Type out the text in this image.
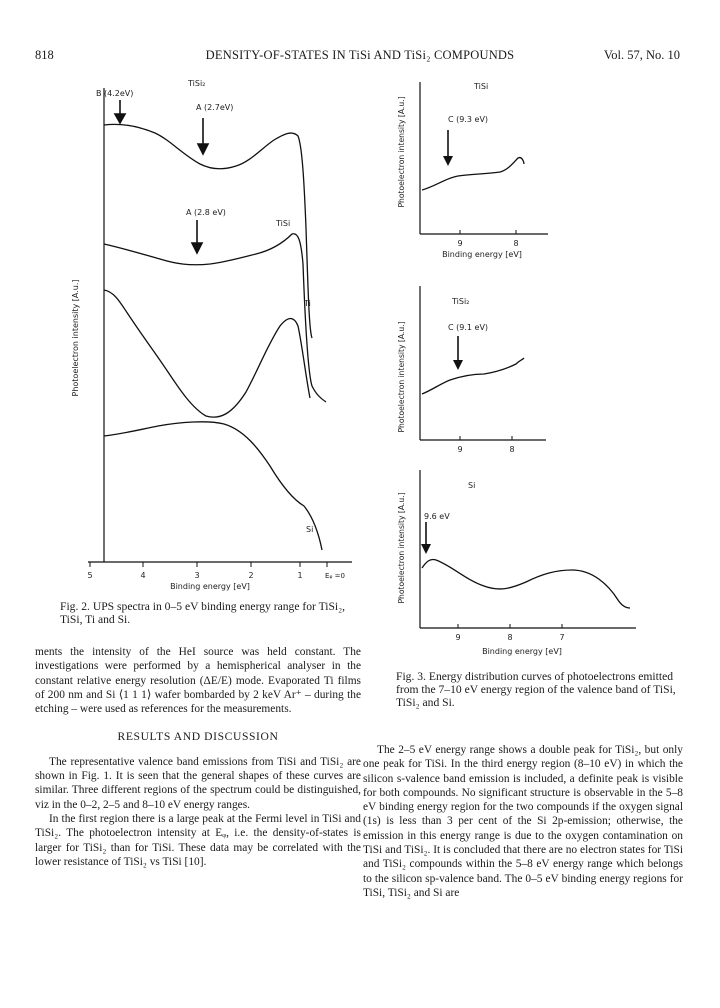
818	DENSITY-OF-STATES IN TiSi AND TiSi₂ COMPOUNDS	Vol. 57, No. 10
5	4	3	2	1	Eᵩ =0
Binding energy [eV]
Photoelectron intensity [A.u.]
B (4.2eV)
TiSi₂
A (2.7eV)
A (2.8 eV)
TiSi
Ti
Si
Fig. 2. UPS spectra in 0–5 eV binding energy range for TiSi₂, TiSi, Ti and Si.
Photoelectron intensity [A.u.]
9	8
Binding energy [eV]
TiSi
C (9.3 eV)
Photoelectron intensity [A.u.]
9	8
TiSi₂
C (9.1 eV)
Photoelectron intensity [A.u.]
9	8	7
Binding energy [eV]
Si
9.6 eV
Fig. 3. Energy distribution curves of photoelectrons emitted from the 7–10 eV energy region of the valence band of TiSi, TiSi₂ and Si.

ments the intensity of the HeI source was held constant. The investigations were performed by a hemispherical analyser in the constant relative energy resolution (ΔE/E) mode. Evaporated Ti films of 200 nm and Si ⟨1 1 1⟩ wafer bombarded by 2 keV Ar⁺ – during the etching – were used as references for the measurements.

RESULTS AND DISCUSSION

The representative valence band emissions from TiSi and TiSi₂ are shown in Fig. 1. It is seen that the general shapes of these curves are similar. Three different regions of the spectrum could be distinguished, viz in the 0–2, 2–5 and 8–10 eV energy ranges.

In the first region there is a large peak at the Fermi level in TiSi and TiSi₂. The photoelectron intensity at Eᵩ, i.e. the density-of-states is larger for TiSi₂ than for TiSi. These data may be correlated with the lower resistance of TiSi₂ vs TiSi [10].

The 2–5 eV energy range shows a double peak for TiSi₂, but only one peak for TiSi. In the third energy region (8–10 eV) in which the silicon s-valence band emission is included, a definite peak is visible for both compounds. No significant structure is observable in the 5–8 eV binding energy region for the two compounds if the oxygen signal (1s) is less than 3 per cent of the Si 2p-emission; otherwise, the emission in this energy range is due to the oxygen contamination on TiSi and TiSi₂. It is concluded that there are no electron states for TiSi and TiSi₂ compounds within the 5–8 eV energy range which belongs to the silicon sp-valence band. The 0–5 eV binding energy regions for TiSi, TiSi₂ and Si are
